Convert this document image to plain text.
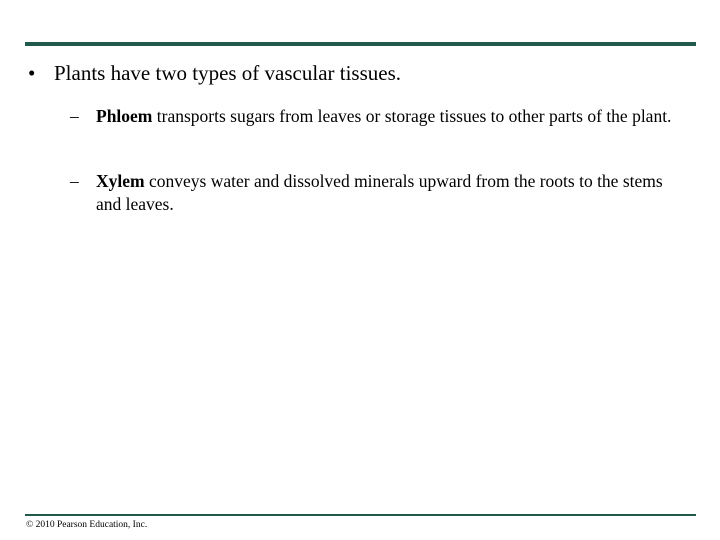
• Plants have two types of vascular tissues.
– Phloem transports sugars from leaves or storage tissues to other parts of the plant.
– Xylem conveys water and dissolved minerals upward from the roots to the stems and leaves.
© 2010 Pearson Education, Inc.
